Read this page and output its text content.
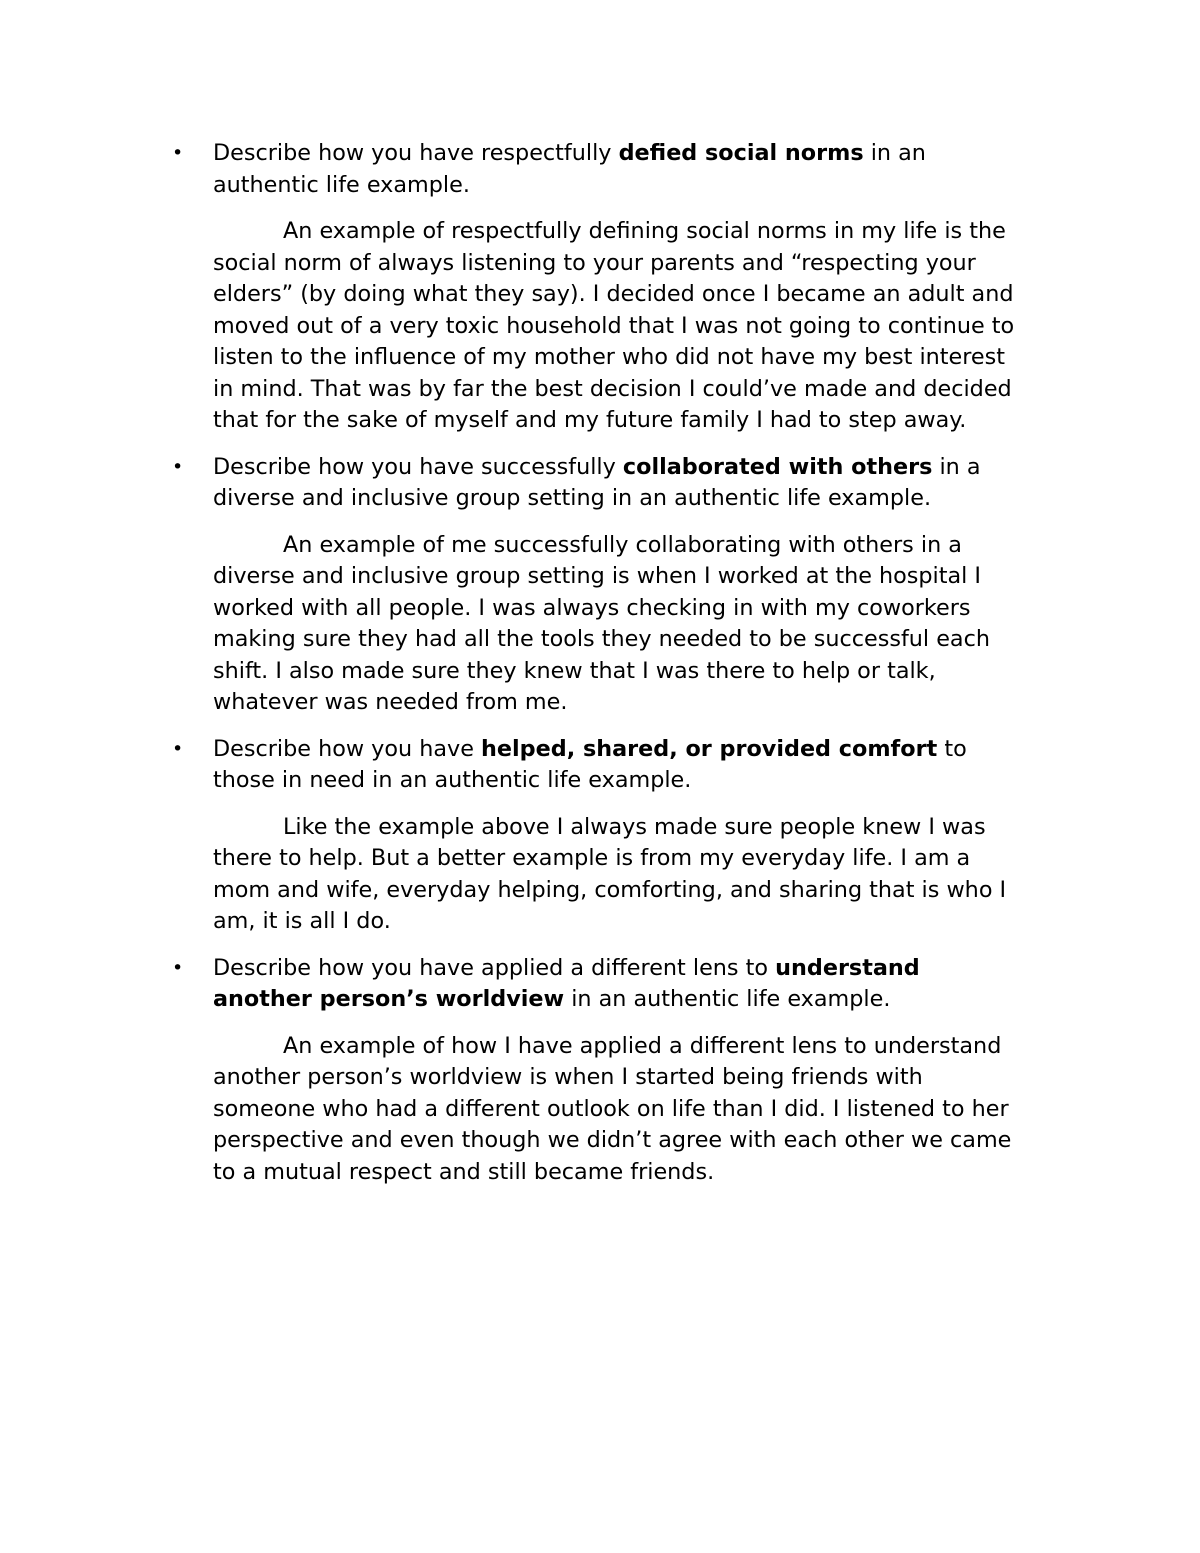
• Describe how you have respectfully defied social norms in an
authentic life example.

An example of respectfully defining social norms in my life is the
social norm of always listening to your parents and “respecting your
elders” (by doing what they say). I decided once I became an adult and
moved out of a very toxic household that I was not going to continue to
listen to the influence of my mother who did not have my best interest
in mind. That was by far the best decision I could’ve made and decided
that for the sake of myself and my future family I had to step away.
• Describe how you have successfully collaborated with others in a
diverse and inclusive group setting in an authentic life example.

An example of me successfully collaborating with others in a
diverse and inclusive group setting is when I worked at the hospital I
worked with all people. I was always checking in with my coworkers
making sure they had all the tools they needed to be successful each
shift. I also made sure they knew that I was there to help or talk,
whatever was needed from me.
• Describe how you have helped, shared, or provided comfort to
those in need in an authentic life example.

Like the example above I always made sure people knew I was
there to help. But a better example is from my everyday life. I am a
mom and wife, everyday helping, comforting, and sharing that is who I
am, it is all I do.
• Describe how you have applied a different lens to understand
another person’s worldview in an authentic life example.

An example of how I have applied a different lens to understand
another person’s worldview is when I started being friends with
someone who had a different outlook on life than I did. I listened to her
perspective and even though we didn’t agree with each other we came
to a mutual respect and still became friends.
